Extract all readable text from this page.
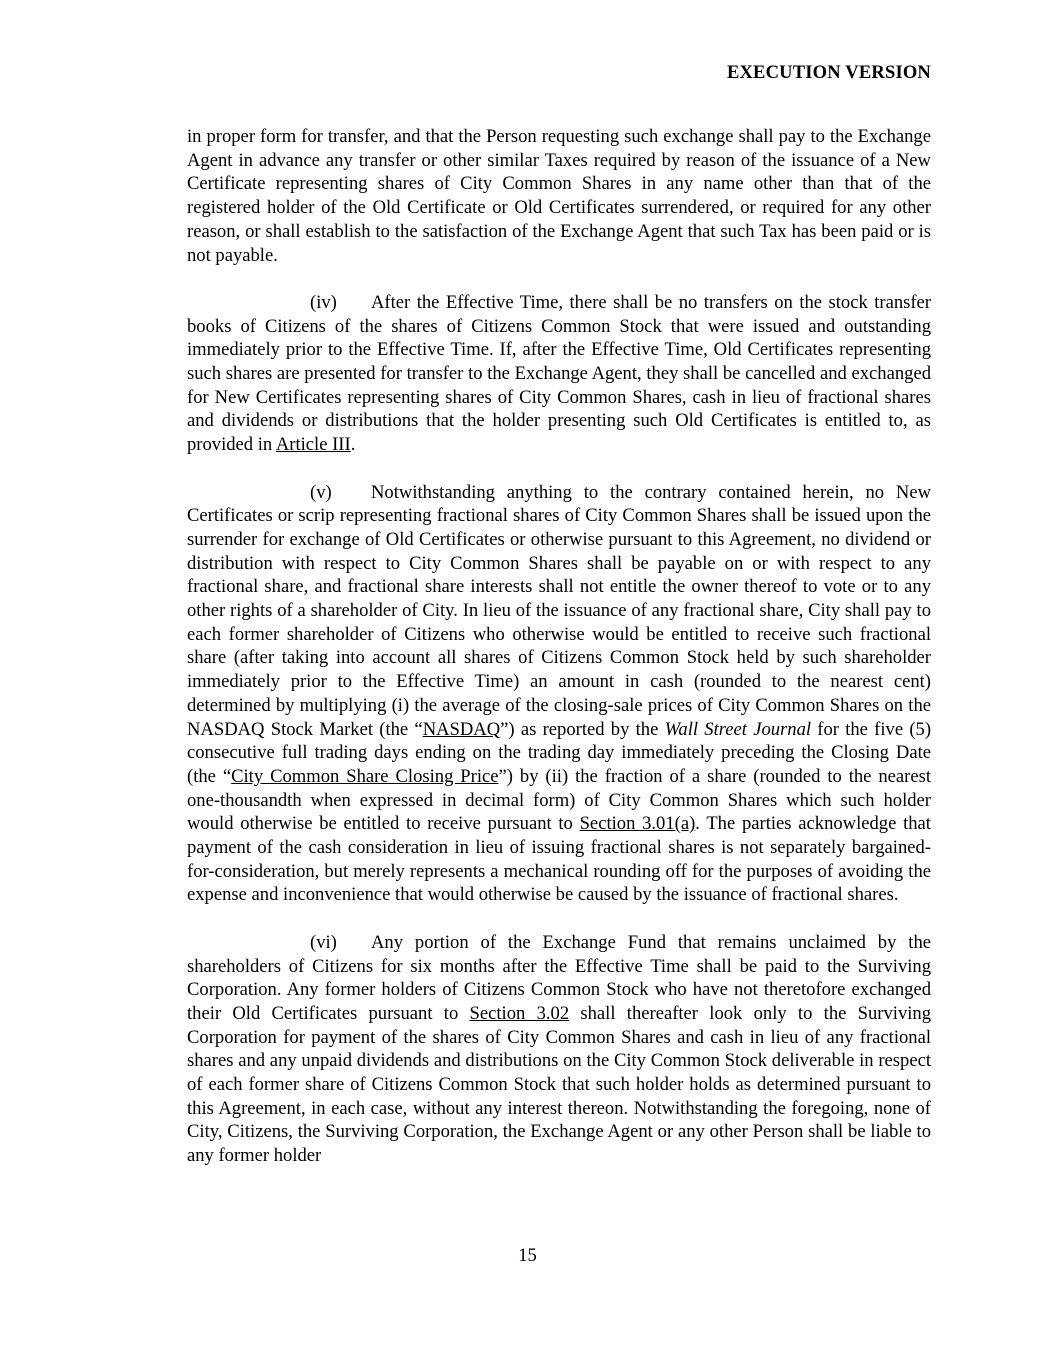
EXECUTION VERSION

in proper form for transfer, and that the Person requesting such exchange shall pay to the Exchange Agent in advance any transfer or other similar Taxes required by reason of the issuance of a New Certificate representing shares of City Common Shares in any name other than that of the registered holder of the Old Certificate or Old Certificates surrendered, or required for any other reason, or shall establish to the satisfaction of the Exchange Agent that such Tax has been paid or is not payable.

(iv) After the Effective Time, there shall be no transfers on the stock transfer books of Citizens of the shares of Citizens Common Stock that were issued and outstanding immediately prior to the Effective Time. If, after the Effective Time, Old Certificates representing such shares are presented for transfer to the Exchange Agent, they shall be cancelled and exchanged for New Certificates representing shares of City Common Shares, cash in lieu of fractional shares and dividends or distributions that the holder presenting such Old Certificates is entitled to, as provided in Article III.

(v) Notwithstanding anything to the contrary contained herein, no New Certificates or scrip representing fractional shares of City Common Shares shall be issued upon the surrender for exchange of Old Certificates or otherwise pursuant to this Agreement, no dividend or distribution with respect to City Common Shares shall be payable on or with respect to any fractional share, and fractional share interests shall not entitle the owner thereof to vote or to any other rights of a shareholder of City. In lieu of the issuance of any fractional share, City shall pay to each former shareholder of Citizens who otherwise would be entitled to receive such fractional share (after taking into account all shares of Citizens Common Stock held by such shareholder immediately prior to the Effective Time) an amount in cash (rounded to the nearest cent) determined by multiplying (i) the average of the closing-sale prices of City Common Shares on the NASDAQ Stock Market (the “NASDAQ”) as reported by the Wall Street Journal for the five (5) consecutive full trading days ending on the trading day immediately preceding the Closing Date (the “City Common Share Closing Price”) by (ii) the fraction of a share (rounded to the nearest one-thousandth when expressed in decimal form) of City Common Shares which such holder would otherwise be entitled to receive pursuant to Section 3.01(a). The parties acknowledge that payment of the cash consideration in lieu of issuing fractional shares is not separately bargained-for-consideration, but merely represents a mechanical rounding off for the purposes of avoiding the expense and inconvenience that would otherwise be caused by the issuance of fractional shares.

(vi) Any portion of the Exchange Fund that remains unclaimed by the shareholders of Citizens for six months after the Effective Time shall be paid to the Surviving Corporation. Any former holders of Citizens Common Stock who have not theretofore exchanged their Old Certificates pursuant to Section 3.02 shall thereafter look only to the Surviving Corporation for payment of the shares of City Common Shares and cash in lieu of any fractional shares and any unpaid dividends and distributions on the City Common Stock deliverable in respect of each former share of Citizens Common Stock that such holder holds as determined pursuant to this Agreement, in each case, without any interest thereon. Notwithstanding the foregoing, none of City, Citizens, the Surviving Corporation, the Exchange Agent or any other Person shall be liable to any former holder

15
